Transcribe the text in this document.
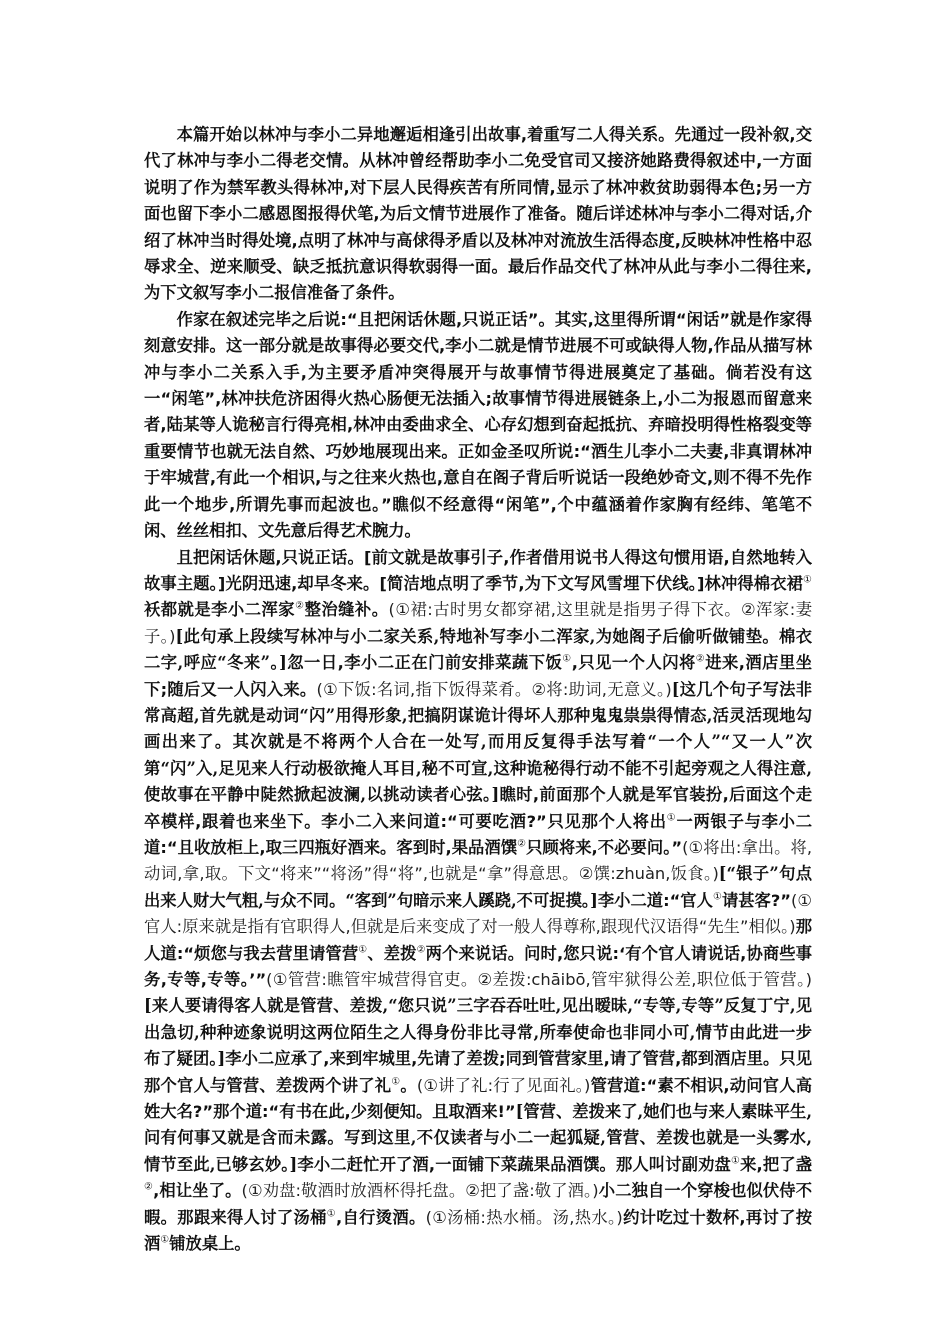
本篇开始以林冲与李小二异地邂逅相逢引出故事,着重写二人得关系。先通过一段补叙,交代了林冲与李小二得老交情。从林冲曾经帮助李小二免受官司又接济她路费得叙述中,一方面说明了作为禁军教头得林冲,对下层人民得疾苦有所同情,显示了林冲救贫助弱得本色;另一方面也留下李小二感恩图报得伏笔,为后文情节进展作了准备。随后详述林冲与李小二得对话,介绍了林冲当时得处境,点明了林冲与高俅得矛盾以及林冲对流放生活得态度,反映林冲性格中忍辱求全、逆来顺受、缺乏抵抗意识得软弱得一面。最后作品交代了林冲从此与李小二得往来,为下文叙写李小二报信准备了条件。

作家在叙述完毕之后说:“且把闲话休题,只说正话”。其实,这里得所谓“闲话”就是作家得刻意安排。这一部分就是故事得必要交代,李小二就是情节进展不可或缺得人物,作品从描写林冲与李小二关系入手,为主要矛盾冲突得展开与故事情节得进展奠定了基础。倘若没有这一“闲笔”,林冲扶危济困得火热心肠便无法插入;故事情节得进展链条上,小二为报恩而留意来者,陆某等人诡秘言行得亮相,林冲由委曲求全、心存幻想到奋起抵抗、弃暗投明得性格裂变等重要情节也就无法自然、巧妙地展现出来。正如金圣叹所说:“酒生儿李小二夫妻,非真谓林冲于牢城营,有此一个相识,与之往来火热也,意自在阁子背后听说话一段绝妙奇文,则不得不先作此一个地步,所谓先事而起波也。”瞧似不经意得“闲笔”,个中蕴涵着作家胸有经纬、笔笔不闲、丝丝相扣、文先意后得艺术腕力。

且把闲话休题,只说正话。[前文就是故事引子,作者借用说书人得这句惯用语,自然地转入故事主题。]光阴迅速,却早冬来。[简洁地点明了季节,为下文写风雪埋下伏线。]林冲得棉衣裙①袄都就是李小二浑家②整治缝补。(①裙:古时男女都穿裙,这里就是指男子得下衣。②浑家:妻子。)[此句承上段续写林冲与小二家关系,特地补写李小二浑家,为她阁子后偷听做铺垫。棉衣二字,呼应“冬来”。]忽一日,李小二正在门前安排菜蔬下饭①,只见一个人闪将②进来,酒店里坐下;随后又一人闪入来。(①下饭:名词,指下饭得菜肴。②将:助词,无意义。)[这几个句子写法非常高超,首先就是动词“闪”用得形象,把搞阴谋诡计得坏人那种鬼鬼祟祟得情态,活灵活现地勾画出来了。其次就是不将两个人合在一处写,而用反复得手法写着“一个人”“又一人”次第“闪”入,足见来人行动极欲掩人耳目,秘不可宣,这种诡秘得行动不能不引起旁观之人得注意,使故事在平静中陡然掀起波澜,以挑动读者心弦。]瞧时,前面那个人就是军官装扮,后面这个走卒模样,跟着也来坐下。李小二入来问道:“可要吃酒?”只见那个人将出①一两银子与李小二道:“且收放柜上,取三四瓶好酒来。客到时,果品酒馔②只顾将来,不必要问。”(①将出:拿出。将,动词,拿,取。下文“将来”“将汤”得“将”,也就是“拿”得意思。②馔:zhuàn,饭食。)[“银子”句点出来人财大气粗,与众不同。“客到”句暗示来人蹊跷,不可捉摸。]李小二道:“官人①请甚客?”(①官人:原来就是指有官职得人,但就是后来变成了对一般人得尊称,跟现代汉语得“先生”相似。)那人道:“烦您与我去营里请管营①、差拨②两个来说话。问时,您只说:‘有个官人请说话,协商些事务,专等,专等。’”(①管营:瞧管牢城营得官吏。②差拨:chāibō,管牢狱得公差,职位低于管营。)[来人要请得客人就是管营、差拨,“您只说”三字吞吞吐吐,见出暧昧,“专等,专等”反复丁宁,见出急切,种种迹象说明这两位陌生之人得身份非比寻常,所奉使命也非同小可,情节由此进一步布了疑团。]李小二应承了,来到牢城里,先请了差拨;同到管营家里,请了管营,都到酒店里。只见那个官人与管营、差拨两个讲了礼①。(①讲了礼:行了见面礼。)管营道:“素不相识,动问官人高姓大名?”那个道:“有书在此,少刻便知。且取酒来!”[管营、差拨来了,她们也与来人素昧平生,问有何事又就是含而未露。写到这里,不仅读者与小二一起狐疑,管营、差拨也就是一头雾水,情节至此,已够玄妙。]李小二赶忙开了酒,一面铺下菜蔬果品酒馔。那人叫讨副劝盘①来,把了盏②,相让坐了。(①劝盘:敬酒时放酒杯得托盘。②把了盏:敬了酒。)小二独自一个穿梭也似伏侍不暇。那跟来得人讨了汤桶①,自行烫酒。(①汤桶:热水桶。汤,热水。)约计吃过十数杯,再讨了按酒①铺放桌上。
